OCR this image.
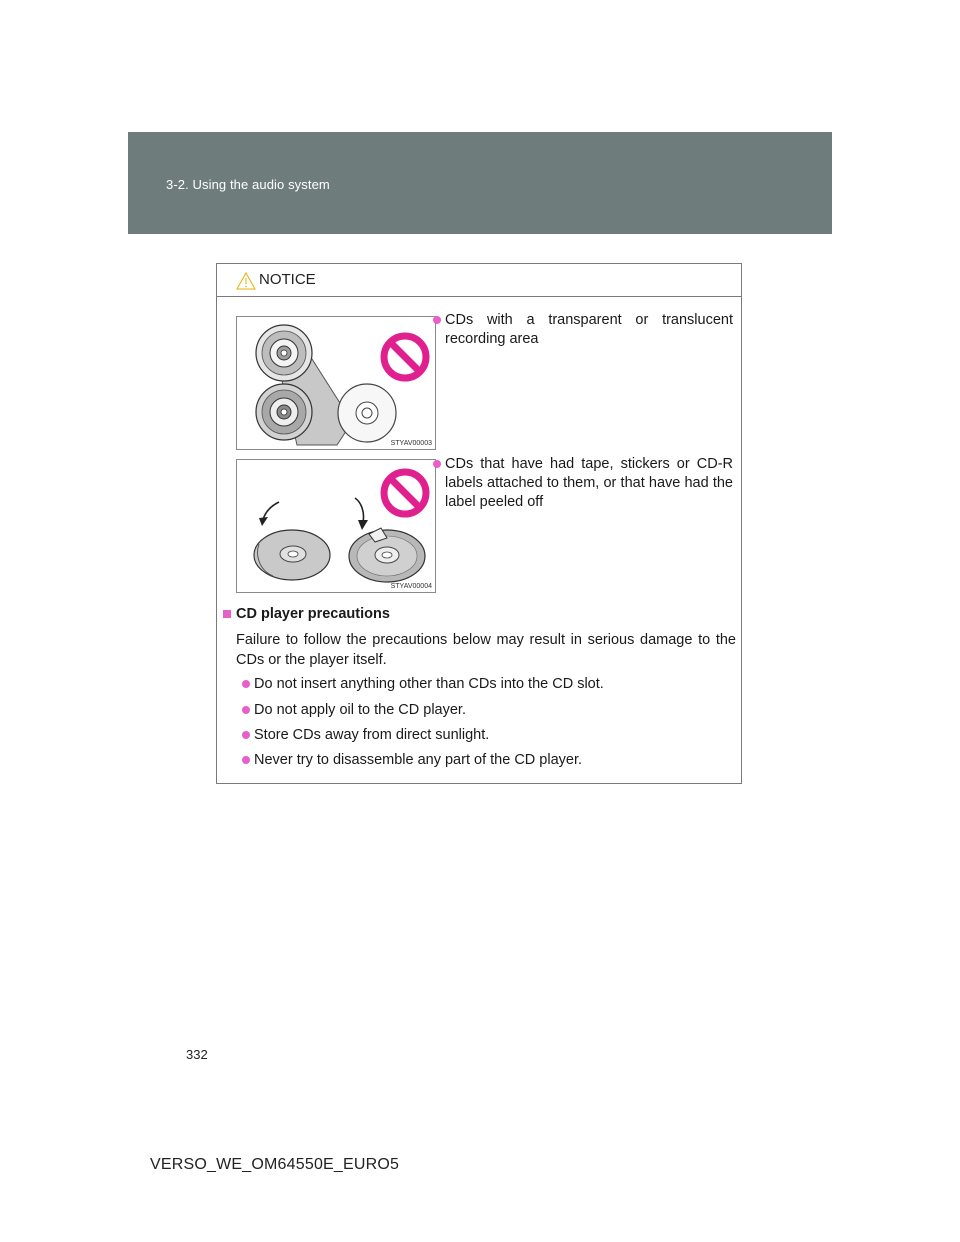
3-2. Using the audio system
NOTICE
STYAV00003
CDs with a transparent or translucent recording area
STYAV00004
CDs that have had tape, stickers or CD-R labels attached to them, or that have had the label peeled off
CD player precautions
Failure to follow the precautions below may result in serious damage to the CDs or the player itself.
Do not insert anything other than CDs into the CD slot.
Do not apply oil to the CD player.
Store CDs away from direct sunlight.
Never try to disassemble any part of the CD player.
332
VERSO_WE_OM64550E_EURO5
